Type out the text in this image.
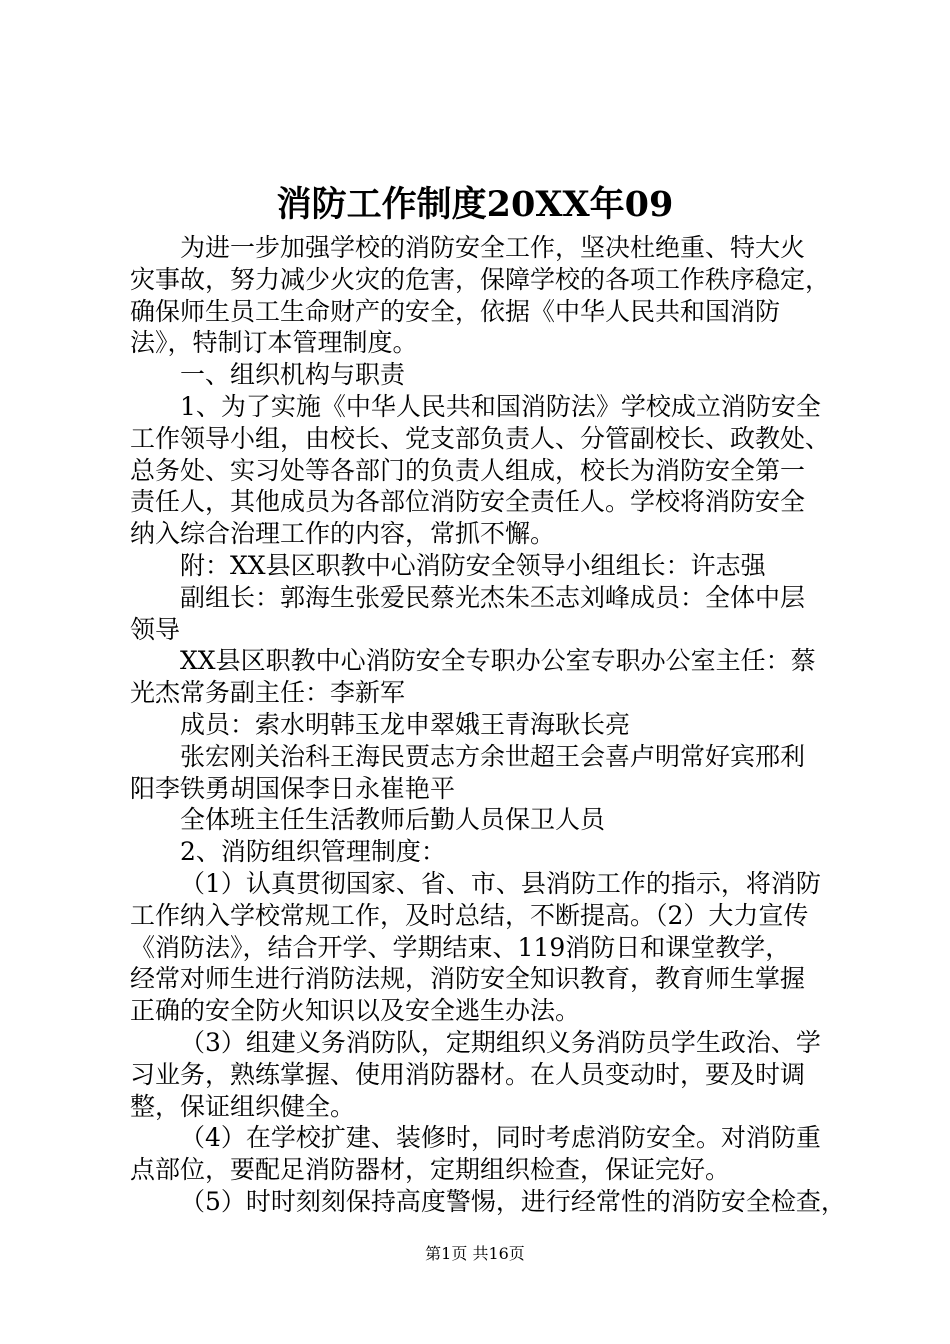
消防工作制度20XX年09
为进一步加强学校的消防安全工作，坚决杜绝重、特大火
灾事故，努力减少火灾的危害，保障学校的各项工作秩序稳定，
确保师生员工生命财产的安全，依据《中华人民共和国消防
法》，特制订本管理制度。
一、组织机构与职责
1、为了实施《中华人民共和国消防法》学校成立消防安全
工作领导小组，由校长、党支部负责人、分管副校长、政教处、
总务处、实习处等各部门的负责人组成，校长为消防安全第一
责任人，其他成员为各部位消防安全责任人。学校将消防安全
纳入综合治理工作的内容，常抓不懈。
附：XX县区职教中心消防安全领导小组组长：许志强
副组长：郭海生张爱民蔡光杰朱丕志刘峰成员：全体中层
领导
XX县区职教中心消防安全专职办公室专职办公室主任：蔡
光杰常务副主任：李新军
成员：索水明韩玉龙申翠娥王青海耿长亮
张宏刚关治科王海民贾志方余世超王会喜卢明常好宾邢利
阳李铁勇胡国保李日永崔艳平
全体班主任生活教师后勤人员保卫人员
2、消防组织管理制度：
（1）认真贯彻国家、省、市、县消防工作的指示，将消防
工作纳入学校常规工作，及时总结，不断提高。（2）大力宣传
《消防法》，结合开学、学期结束、119消防日和课堂教学，
经常对师生进行消防法规，消防安全知识教育，教育师生掌握
正确的安全防火知识以及安全逃生办法。
（3）组建义务消防队，定期组织义务消防员学生政治、学
习业务，熟练掌握、使用消防器材。在人员变动时，要及时调
整，保证组织健全。
（4）在学校扩建、装修时，同时考虑消防安全。对消防重
点部位，要配足消防器材，定期组织检查，保证完好。
（5）时时刻刻保持高度警惕，进行经常性的消防安全检查，
第1页 共16页
